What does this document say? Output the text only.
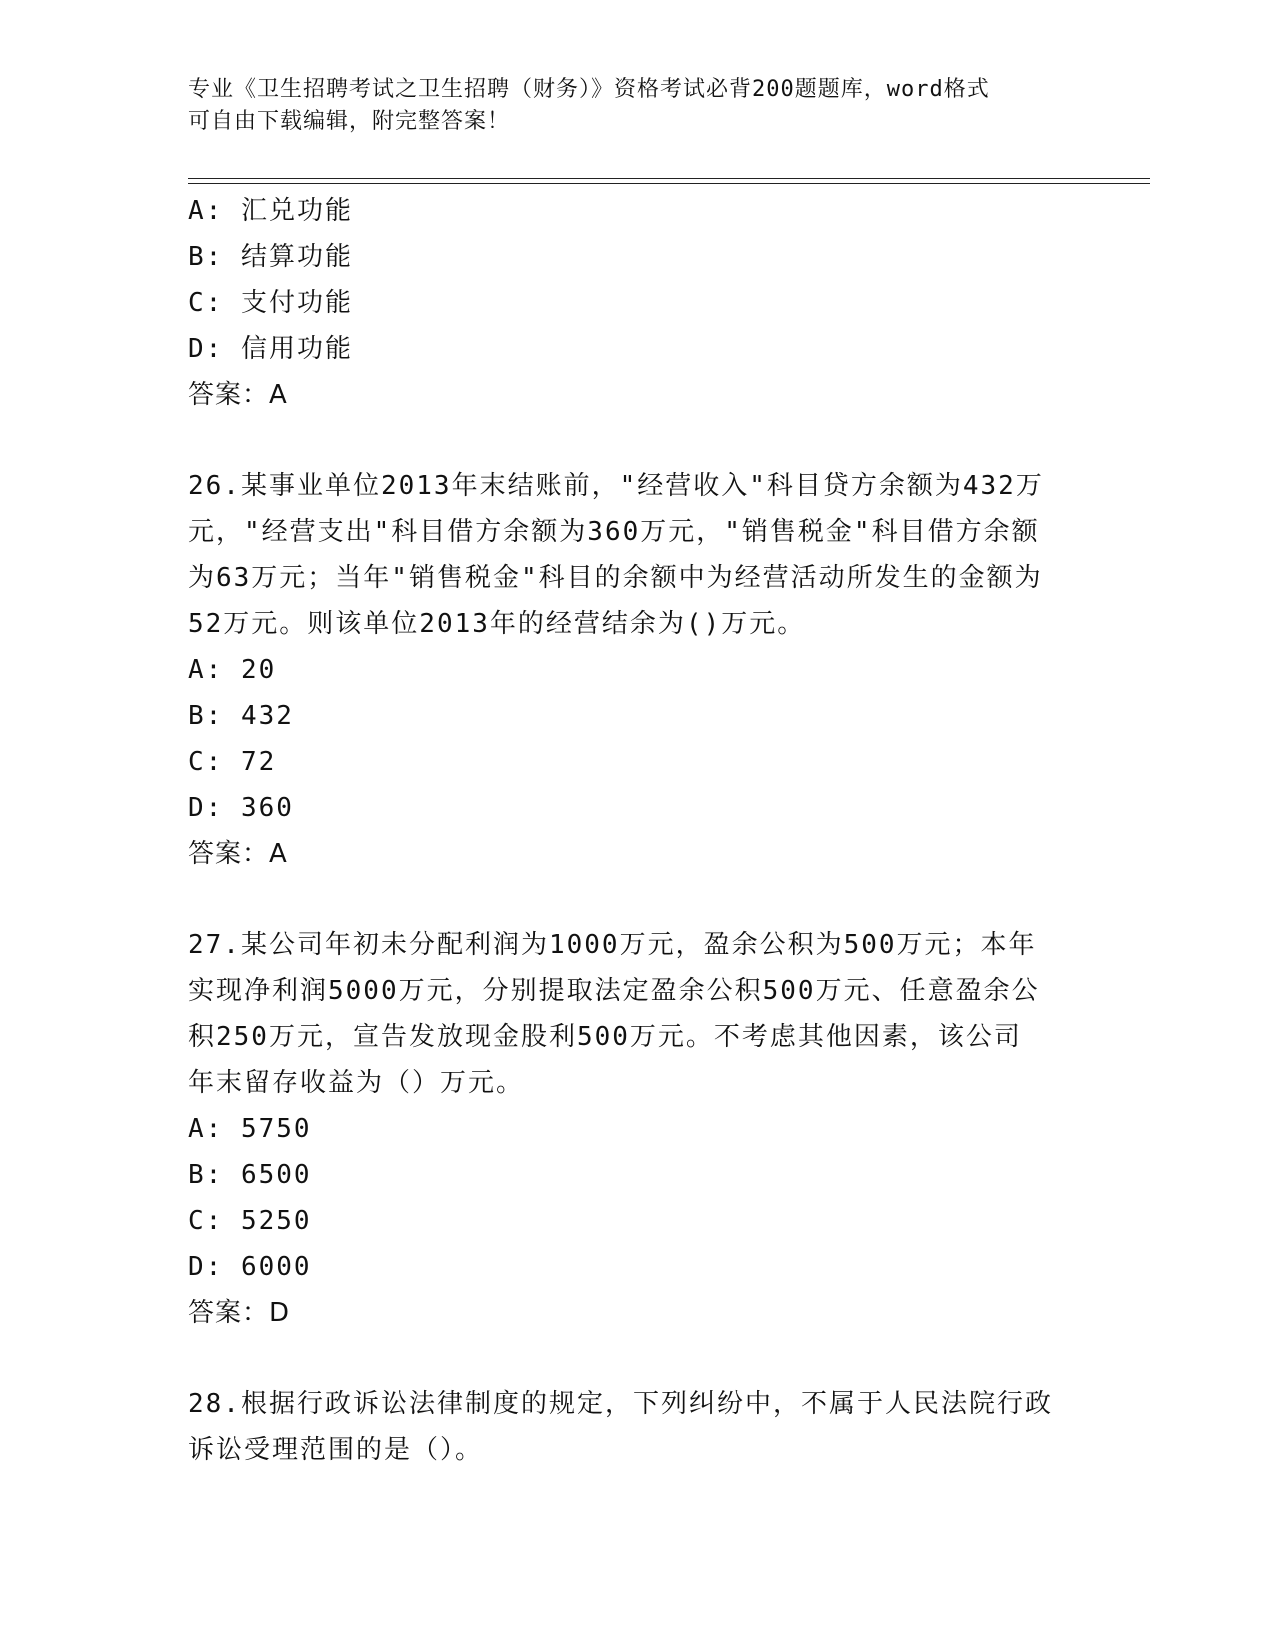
专业《卫生招聘考试之卫生招聘（财务）》资格考试必背200题题库，word格式
可自由下载编辑，附完整答案！
A: 汇兑功能
B: 结算功能
C: 支付功能
D: 信用功能
答案：A
26.某事业单位2013年末结账前，"经营收入"科目贷方余额为432万
元，"经营支出"科目借方余额为360万元，"销售税金"科目借方余额
为63万元；当年"销售税金"科目的余额中为经营活动所发生的金额为
52万元。则该单位2013年的经营结余为()万元。
A: 20
B: 432
C: 72
D: 360
答案：A
27.某公司年初未分配利润为1000万元，盈余公积为500万元；本年
实现净利润5000万元，分别提取法定盈余公积500万元、任意盈余公
积250万元，宣告发放现金股利500万元。不考虑其他因素，该公司
年末留存收益为（）万元。
A: 5750
B: 6500
C: 5250
D: 6000
答案：D
28.根据行政诉讼法律制度的规定，下列纠纷中，不属于人民法院行政
诉讼受理范围的是（）。
